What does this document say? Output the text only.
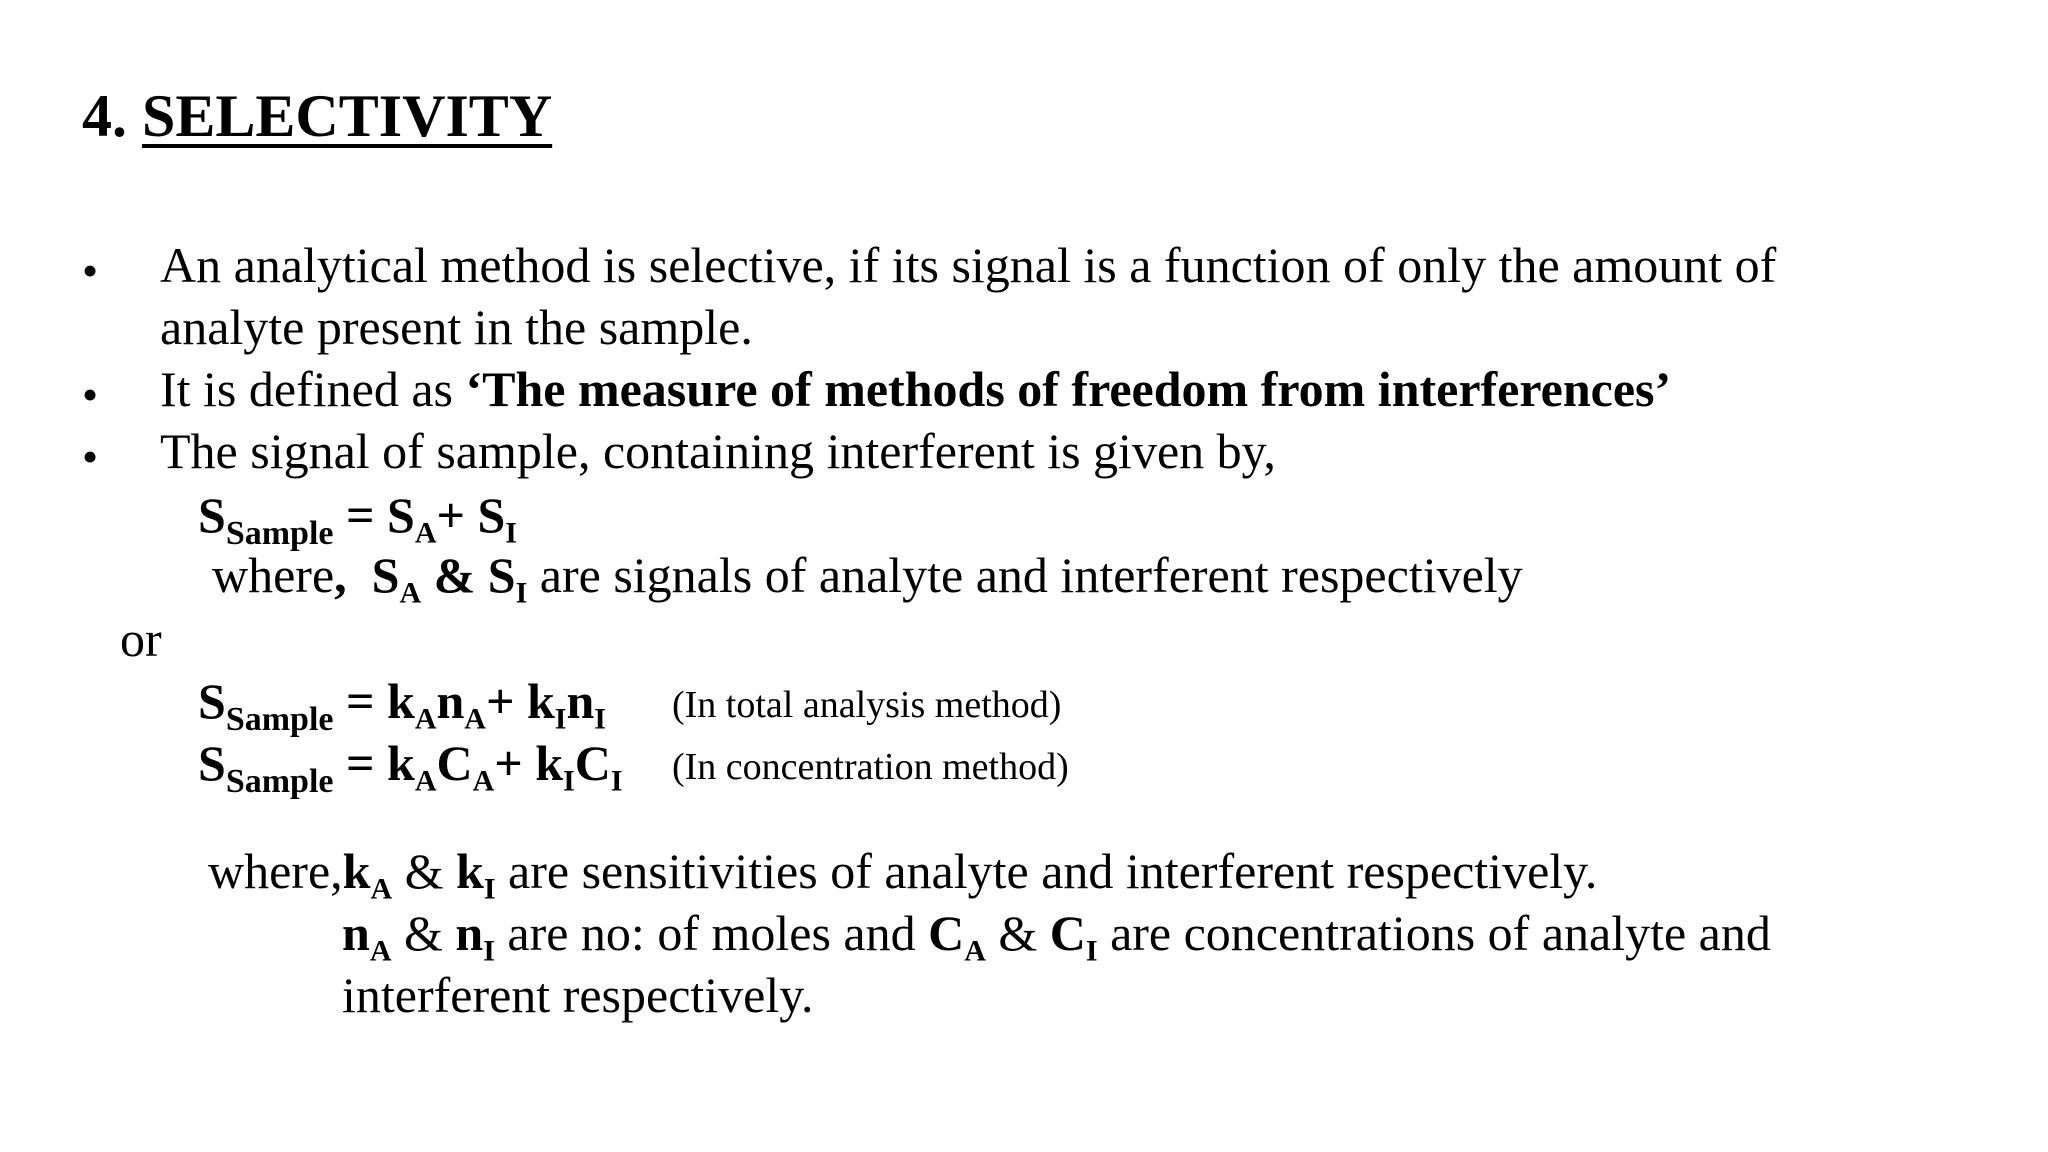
4. SELECTIVITY
• An analytical method is selective, if its signal is a function of only the amount of
analyte present in the sample.
• It is defined as ‘The measure of methods of freedom from interferences’
• The signal of sample, containing interferent is given by,
$S_{Sample} = S_A+ S_I$
where, $S_A$ & $S_I$ are signals of analyte and interferent respectively
or
$S_{Sample} = k_An_A+ k_In_I$ (In total analysis method)
$S_{Sample} = k_AC_A+ k_IC_I$ (In concentration method)
$where,k_A$ & $k_I$ are sensitivities of analyte and interferent respectively.
$n_A$ & $n_I$ are no: of moles and $C_A$ & $C_I$ are concentrations of analyte and
interferent respectively.
